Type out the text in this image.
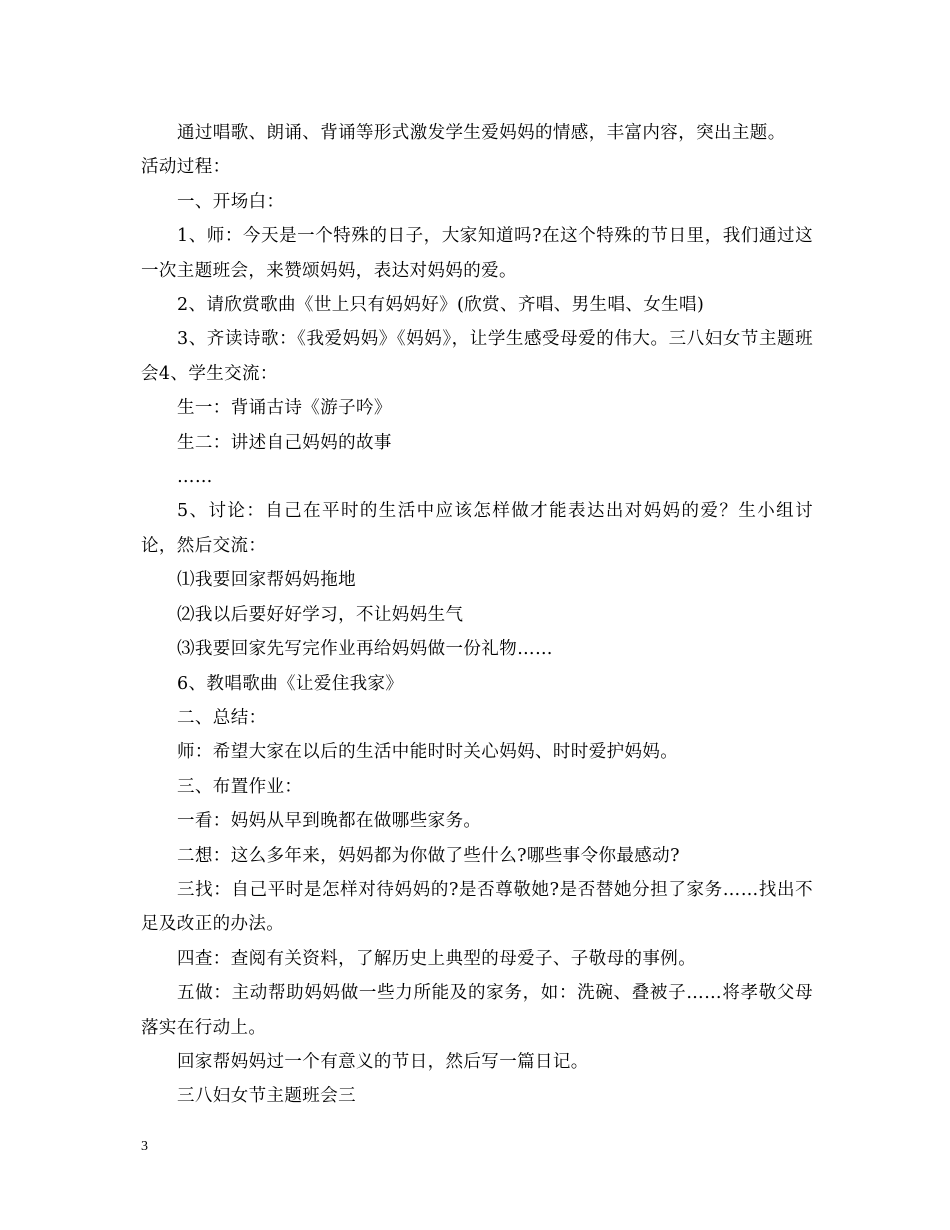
通过唱歌、朗诵、背诵等形式激发学生爱妈妈的情感，丰富内容，突出主题。

活动过程：

一、开场白：

1、师：今天是一个特殊的日子，大家知道吗?在这个特殊的节日里，我们通过这一次主题班会，来赞颂妈妈，表达对妈妈的爱。

2、请欣赏歌曲《世上只有妈妈好》(欣赏、齐唱、男生唱、女生唱)

3、齐读诗歌：《我爱妈妈》《妈妈》，让学生感受母爱的伟大。三八妇女节主题班会4、学生交流：

生一：背诵古诗《游子吟》

生二：讲述自己妈妈的故事

……

5、讨论：自己在平时的生活中应该怎样做才能表达出对妈妈的爱？生小组讨论，然后交流：

⑴我要回家帮妈妈拖地

⑵我以后要好好学习，不让妈妈生气

⑶我要回家先写完作业再给妈妈做一份礼物……

6、教唱歌曲《让爱住我家》

二、总结：

师：希望大家在以后的生活中能时时关心妈妈、时时爱护妈妈。

三、布置作业：

一看：妈妈从早到晚都在做哪些家务。

二想：这么多年来，妈妈都为你做了些什么?哪些事令你最感动?

三找：自己平时是怎样对待妈妈的?是否尊敬她?是否替她分担了家务……找出不足及改正的办法。

四查：查阅有关资料，了解历史上典型的母爱子、子敬母的事例。

五做：主动帮助妈妈做一些力所能及的家务，如：洗碗、叠被子……将孝敬父母落实在行动上。

回家帮妈妈过一个有意义的节日，然后写一篇日记。

三八妇女节主题班会三

3
